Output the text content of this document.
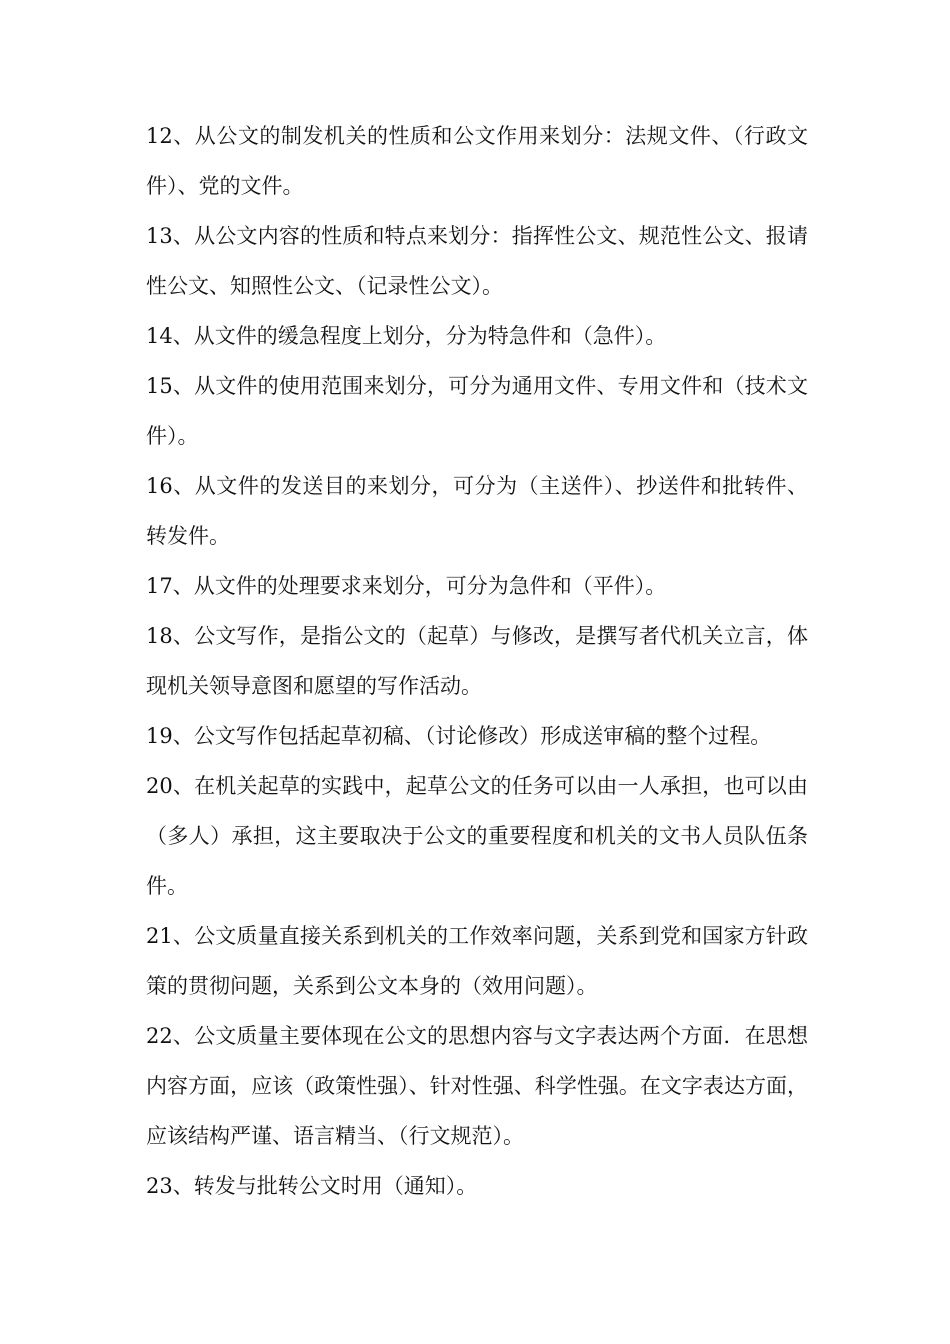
12、从公文的制发机关的性质和公文作用来划分：法规文件、（行政文件）、党的文件。

13、从公文内容的性质和特点来划分：指挥性公文、规范性公文、报请性公文、知照性公文、（记录性公文）。

14、从文件的缓急程度上划分，分为特急件和（急件）。

15、从文件的使用范围来划分，可分为通用文件、专用文件和（技术文件）。

16、从文件的发送目的来划分，可分为（主送件）、抄送件和批转件、转发件。

17、从文件的处理要求来划分，可分为急件和（平件）。

18、公文写作，是指公文的（起草）与修改，是撰写者代机关立言，体现机关领导意图和愿望的写作活动。

19、公文写作包括起草初稿、（讨论修改）形成送审稿的整个过程。

20、在机关起草的实践中，起草公文的任务可以由一人承担，也可以由（多人）承担，这主要取决于公文的重要程度和机关的文书人员队伍条件。

21、公文质量直接关系到机关的工作效率问题，关系到党和国家方针政策的贯彻问题，关系到公文本身的（效用问题）。

22、公文质量主要体现在公文的思想内容与文字表达两个方面．在思想内容方面，应该（政策性强）、针对性强、科学性强。在文字表达方面，应该结构严谨、语言精当、（行文规范）。

23、转发与批转公文时用（通知）。
